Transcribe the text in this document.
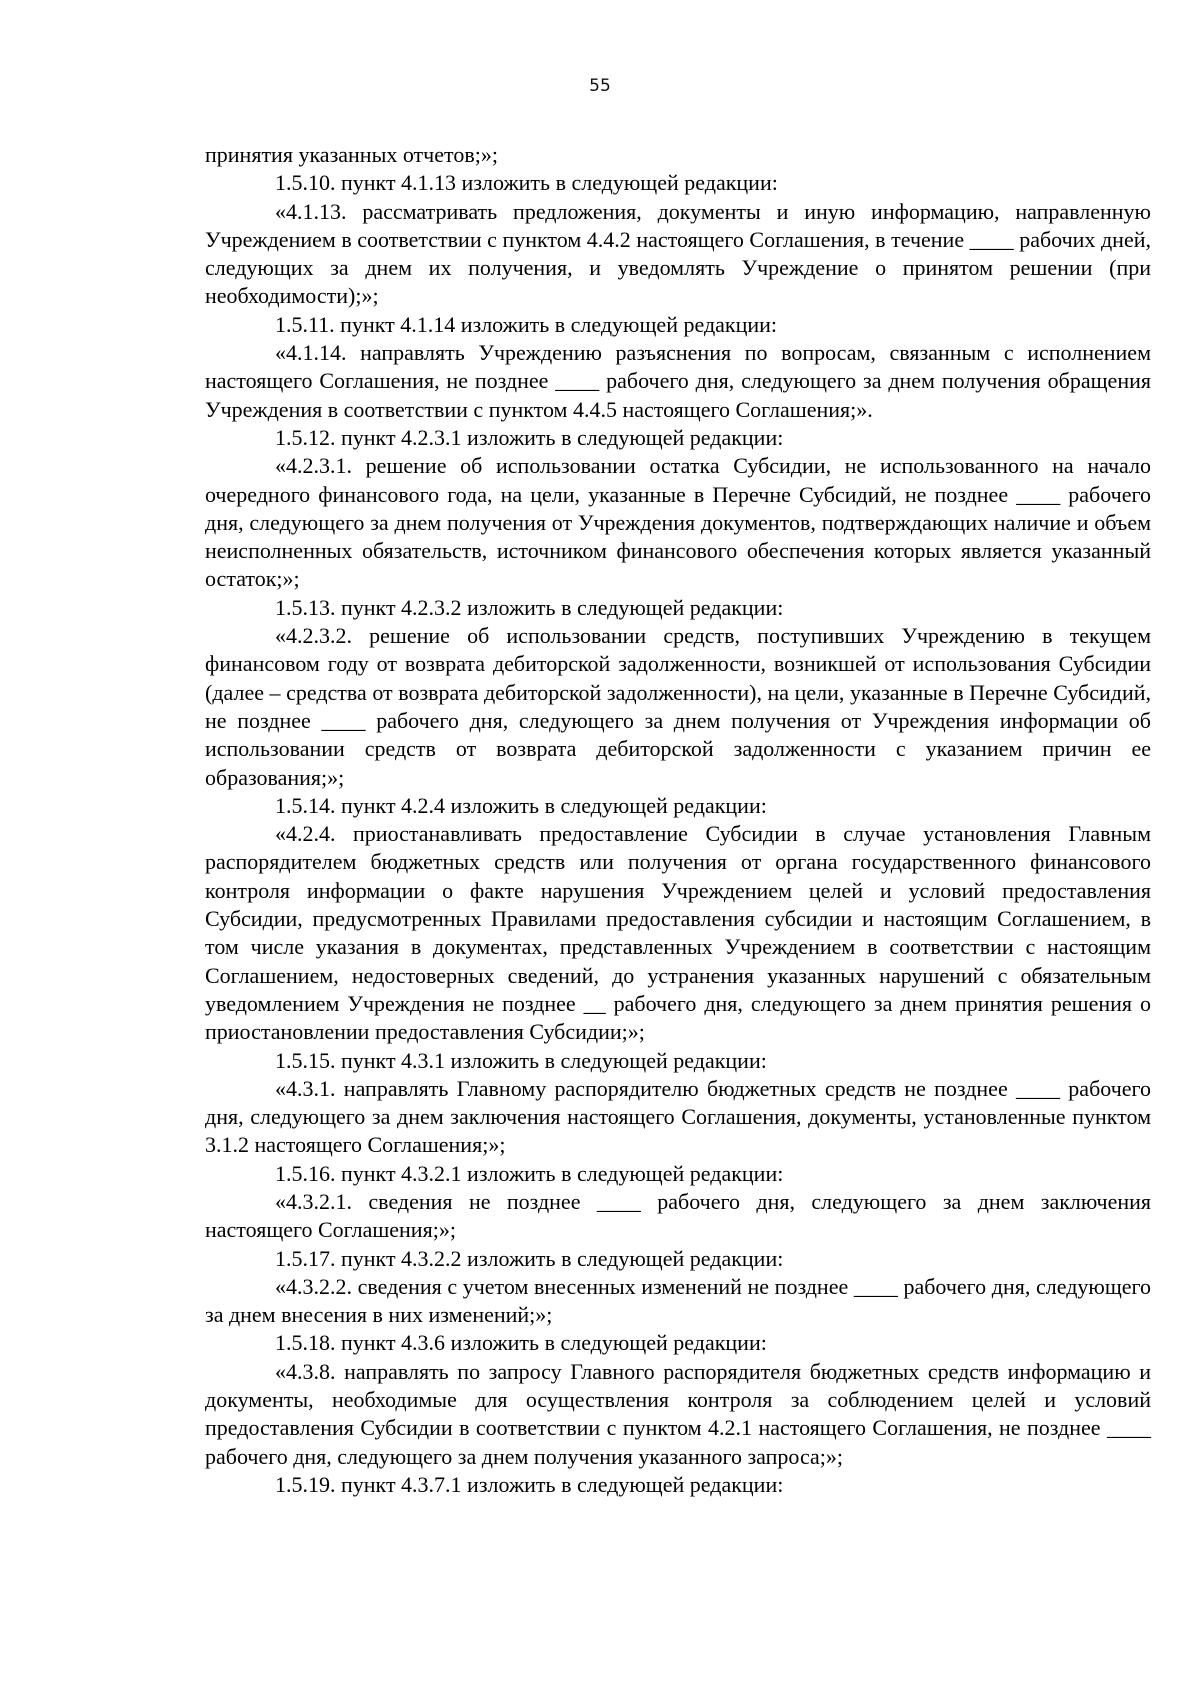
55

принятия указанных отчетов;»;

1.5.10. пункт 4.1.13 изложить в следующей редакции:

«4.1.13. рассматривать предложения, документы и иную информацию, направленную Учреждением в соответствии с пунктом 4.4.2 настоящего Соглашения, в течение ____ рабочих дней, следующих за днем их получения, и уведомлять Учреждение о принятом решении (при необходимости);»;

1.5.11. пункт 4.1.14 изложить в следующей редакции:

«4.1.14. направлять Учреждению разъяснения по вопросам, связанным с исполнением настоящего Соглашения, не позднее ____ рабочего дня, следующего за днем получения обращения Учреждения в соответствии с пунктом 4.4.5 настоящего Соглашения;».

1.5.12. пункт 4.2.3.1 изложить в следующей редакции:

«4.2.3.1. решение об использовании остатка Субсидии, не использованного на начало очередного финансового года, на цели, указанные в Перечне Субсидий, не позднее ____ рабочего дня, следующего за днем получения от Учреждения документов, подтверждающих наличие и объем неисполненных обязательств, источником финансового обеспечения которых является указанный остаток;»;

1.5.13. пункт 4.2.3.2 изложить в следующей редакции:

«4.2.3.2. решение об использовании средств, поступивших Учреждению в текущем финансовом году от возврата дебиторской задолженности, возникшей от использования Субсидии (далее – средства от возврата дебиторской задолженности), на цели, указанные в Перечне Субсидий, не позднее ____ рабочего дня, следующего за днем получения от Учреждения информации об использовании средств от возврата дебиторской задолженности с указанием причин ее образования;»;

1.5.14. пункт 4.2.4 изложить в следующей редакции:

«4.2.4. приостанавливать предоставление Субсидии в случае установления Главным распорядителем бюджетных средств или получения от органа государственного финансового контроля информации о факте нарушения Учреждением целей и условий предоставления Субсидии, предусмотренных Правилами предоставления субсидии и настоящим Соглашением, в том числе указания в документах, представленных Учреждением в соответствии с настоящим Соглашением, недостоверных сведений, до устранения указанных нарушений с обязательным уведомлением Учреждения не позднее __ рабочего дня, следующего за днем принятия решения о приостановлении предоставления Субсидии;»;

1.5.15. пункт 4.3.1 изложить в следующей редакции:

«4.3.1. направлять Главному распорядителю бюджетных средств не позднее ____ рабочего дня, следующего за днем заключения настоящего Соглашения, документы, установленные пунктом 3.1.2 настоящего Соглашения;»;

1.5.16. пункт 4.3.2.1 изложить в следующей редакции:

«4.3.2.1. сведения не позднее ____ рабочего дня, следующего за днем заключения настоящего Соглашения;»;

1.5.17. пункт 4.3.2.2 изложить в следующей редакции:

«4.3.2.2. сведения с учетом внесенных изменений не позднее ____ рабочего дня, следующего за днем внесения в них изменений;»;

1.5.18. пункт 4.3.6 изложить в следующей редакции:

«4.3.8. направлять по запросу Главного распорядителя бюджетных средств информацию и документы, необходимые для осуществления контроля за соблюдением целей и условий предоставления Субсидии в соответствии с пунктом 4.2.1 настоящего Соглашения, не позднее ____ рабочего дня, следующего за днем получения указанного запроса;»;

1.5.19. пункт 4.3.7.1 изложить в следующей редакции:
